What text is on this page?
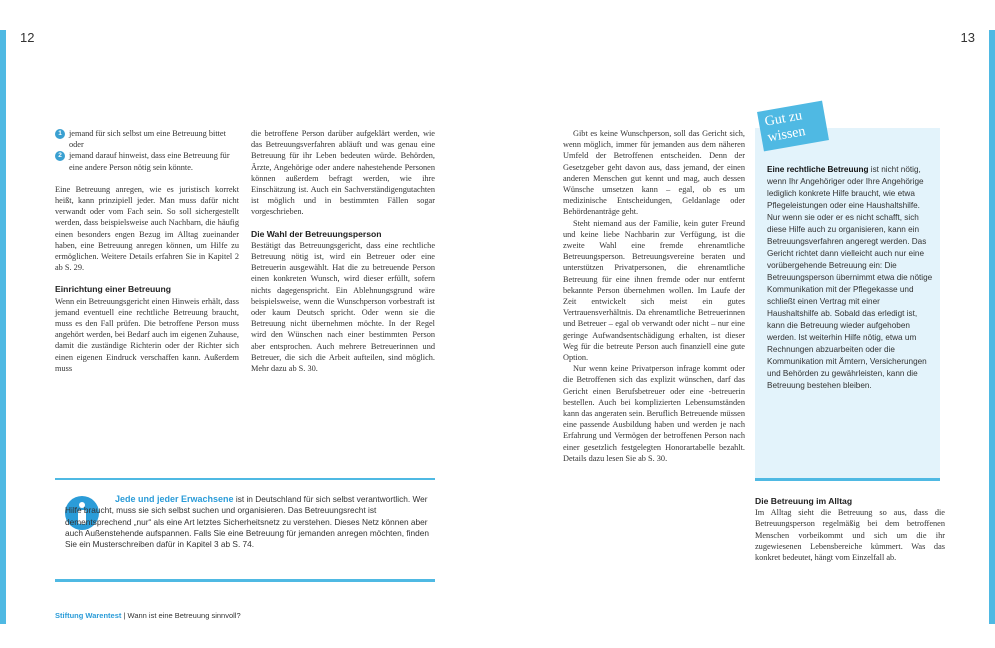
12	13
1 jemand für sich selbst um eine Betreuung bittet oder
2 jemand darauf hinweist, dass eine Betreuung für eine andere Person nötig sein könnte.

Eine Betreuung anregen, wie es juristisch korrekt heißt, kann prinzipiell jeder. Man muss dafür nicht verwandt oder vom Fach sein. So soll sichergestellt werden, dass beispielsweise auch Nachbarn, die häufig einen besonders engen Bezug im Alltag zueinander haben, eine Betreuung anregen können, um Hilfe zu ermöglichen. Weitere Details erfahren Sie in Kapitel 2 ab S. 29.

Einrichtung einer Betreuung

Wenn ein Betreuungsgericht einen Hinweis erhält, dass jemand eventuell eine rechtliche Betreuung braucht, muss es den Fall prüfen. Die betroffene Person muss angehört werden, bei Bedarf auch im eigenen Zuhause, damit die zuständige Richterin oder der Richter sich einen eigenen Eindruck verschaffen kann. Außerdem muss

die betroffene Person darüber aufgeklärt werden, wie das Betreuungsverfahren abläuft und was genau eine Betreuung für ihr Leben bedeuten würde. Behörden, Ärzte, Angehörige oder andere nahestehende Personen können außerdem befragt werden, wie ihre Einschätzung ist. Auch ein Sachverständigengutachten ist möglich und in bestimmten Fällen sogar vorgeschrieben.

Die Wahl der Betreuungsperson

Bestätigt das Betreuungsgericht, dass eine rechtliche Betreuung nötig ist, wird ein Betreuer oder eine Betreuerin ausgewählt. Hat die zu betreuende Person einen konkreten Wunsch, wird dieser erfüllt, sofern nichts dagegenspricht. Ein Ablehnungsgrund wäre beispielsweise, wenn die Wunschperson vorbestraft ist oder kaum Deutsch spricht. Oder wenn sie die Betreuung nicht übernehmen möchte. In der Regel wird den Wünschen nach einer bestimmten Person aber entsprochen. Auch mehrere Betreuerinnen und Betreuer, die sich die Arbeit aufteilen, sind möglich. Mehr dazu ab S. 30.

Jede und jeder Erwachsene ist in Deutschland für sich selbst verantwortlich. Wer Hilfe braucht, muss sie sich selbst suchen und organisieren. Das Betreuungsrecht ist dementsprechend „nur“ als eine Art letztes Sicherheitsnetz zu verstehen. Dieses Netz können aber auch Außenstehende aufspannen. Falls Sie eine Betreuung für jemanden anregen möchten, finden Sie ein Musterschreiben dafür in Kapitel 3 ab S. 74.
Stiftung Warentest | Wann ist eine Betreuung sinnvoll?

Gibt es keine Wunschperson, soll das Gericht sich, wenn möglich, immer für jemanden aus dem näheren Umfeld der Betroffenen entscheiden. Denn der Gesetzgeber geht davon aus, dass jemand, der einen anderen Menschen gut kennt und mag, auch dessen Wünsche umsetzen kann – egal, ob es um medizinische Entscheidungen, Geldanlage oder Behördenanträge geht.

Steht niemand aus der Familie, kein guter Freund und keine liebe Nachbarin zur Verfügung, ist die zweite Wahl eine fremde ehrenamtliche Betreuungsperson. Betreuungsvereine beraten und unterstützen Privatpersonen, die ehrenamtliche Betreuung für eine ihnen fremde oder nur entfernt bekannte Person übernehmen wollen. Im Laufe der Zeit entwickelt sich meist ein gutes Vertrauensverhältnis. Da ehrenamtliche Betreuerinnen und Betreuer – egal ob verwandt oder nicht – nur eine geringe Aufwandsentschädigung erhalten, ist dieser Weg für die betreute Person auch finanziell eine gute Option.

Nur wenn keine Privatperson infrage kommt oder die Betroffenen sich das explizit wünschen, darf das Gericht einen Berufsbetreuer oder eine -betreuerin bestellen. Auch bei komplizierten Lebensumständen kann das angeraten sein. Beruflich Betreuende müssen eine passende Ausbildung haben und werden je nach Erfahrung und Vermögen der betroffenen Person nach einer gesetzlich festgelegten Honorartabelle bezahlt. Details dazu lesen Sie ab S. 30.

Eine rechtliche Betreuung ist nicht nötig, wenn Ihr Angehöriger oder Ihre Angehörige lediglich konkrete Hilfe braucht, wie etwa Pflegeleistungen oder eine Haushaltshilfe. Nur wenn sie oder er es nicht schafft, sich diese Hilfe auch zu organisieren, kann ein Betreuungsverfahren angeregt werden. Das Gericht richtet dann vielleicht auch nur eine vorübergehende Betreuung ein: Die Betreuungsperson übernimmt etwa die nötige Kommunikation mit der Pflegekasse und schließt einen Vertrag mit einer Haushaltshilfe ab. Sobald das erledigt ist, kann die Betreuung wieder aufgehoben werden. Ist weiterhin Hilfe nötig, etwa um Rechnungen abzuarbeiten oder die Kommunikation mit Ämtern, Versicherungen und Behörden zu gewährleisten, kann die Betreuung bestehen bleiben.
Gut zu
wissen

Die Betreuung im Alltag

Im Alltag sieht die Betreuung so aus, dass die Betreuungsperson regelmäßig bei dem betroffenen Menschen vorbeikommt und sich um die ihr zugewiesenen Lebensbereiche kümmert. Was das konkret bedeutet, hängt vom Einzelfall ab.
